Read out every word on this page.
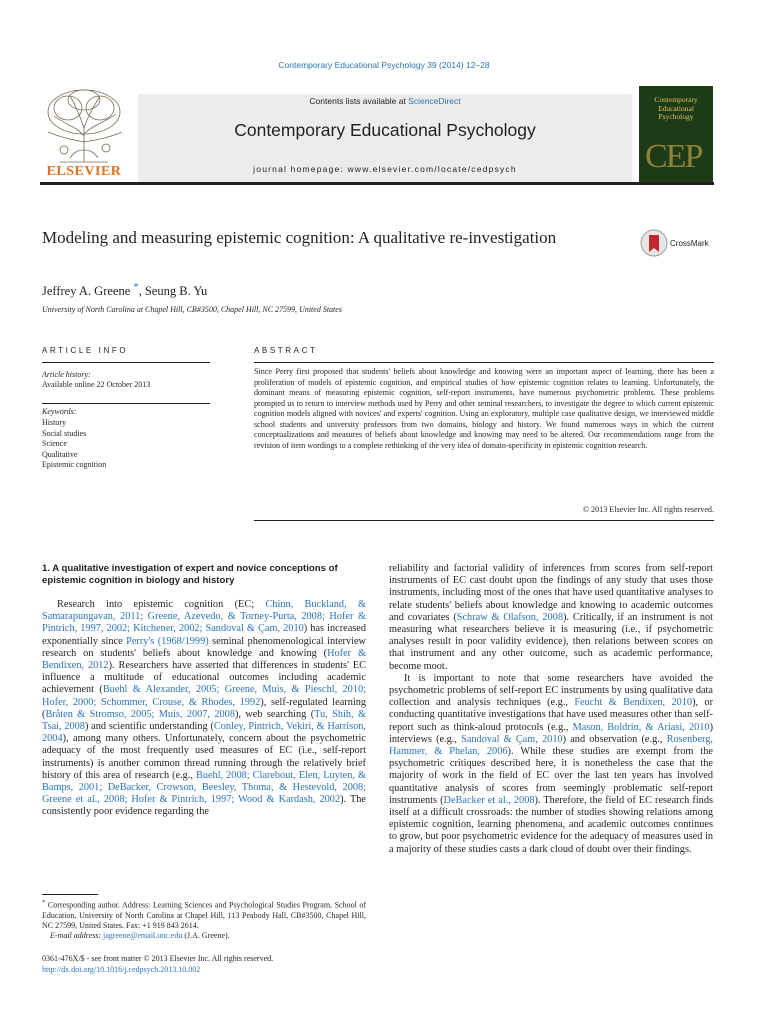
Contemporary Educational Psychology 39 (2014) 12–28
ELSEVIER
Contents lists available at ScienceDirect
Contemporary Educational Psychology
journal homepage: www.elsevier.com/locate/cedpsych
Contemporary Educational Psychology
CEP
Modeling and measuring epistemic cognition: A qualitative re-investigation	CrossMark
Jeffrey A. Greene *, Seung B. Yu
University of North Carolina at Chapel Hill, CB#3500, Chapel Hill, NC 27599, United States
ARTICLE INFO	ABSTRACT
Article history:
Available online 22 October 2013
Keywords:
History
Social studies
Science
Qualitative
Epistemic cognition
Since Perry first proposed that students' beliefs about knowledge and knowing were an important aspect of learning, there has been a proliferation of models of epistemic cognition, and empirical studies of how epistemic cognition relates to learning. Unfortunately, the dominant means of measuring epistemic cognition, self-report instruments, have numerous psychometric problems. These problems prompted us to return to interview methods used by Perry and other seminal researchers, to investigate the degree to which current epistemic cognition models aligned with novices' and experts' cognition. Using an exploratory, multiple case qualitative design, we interviewed middle school students and university professors from two domains, biology and history. We found numerous ways in which the current conceptualizations and measures of beliefs about knowledge and knowing may need to be altered. Our recommendations range from the revision of item wordings to a complete rethinking of the very idea of domain-specificity in epistemic cognition research.
© 2013 Elsevier Inc. All rights reserved.
1. A qualitative investigation of expert and novice conceptions of epistemic cognition in biology and history

Research into epistemic cognition (EC; Chinn, Buckland, & Samarapungavan, 2011; Greene, Azevedo, & Torney-Purta, 2008; Hofer & Pintrich, 1997, 2002; Kitchener, 2002; Sandoval & Çam, 2010) has increased exponentially since Perry's (1968/1999) seminal phenomenological interview research on students' beliefs about knowledge and knowing (Hofer & Bendixen, 2012). Researchers have asserted that differences in students' EC influence a multitude of educational outcomes including academic achievement (Buehl & Alexander, 2005; Greene, Muis, & Pieschl, 2010; Hofer, 2000; Schommer, Crouse, & Rhodes, 1992), self-regulated learning (Bråten & Stromso, 2005; Muis, 2007, 2008), web searching (Tu, Shih, & Tsai, 2008) and scientific understanding (Conley, Pintrich, Vekiri, & Harrison, 2004), among many others. Unfortunately, concern about the psychometric adequacy of the most frequently used measures of EC (i.e., self-report instruments) is another common thread running through the relatively brief history of this area of research (e.g., Buehl, 2008; Clarebout, Elen, Luyten, & Bamps, 2001; DeBacker, Crowson, Beesley, Thoma, & Hestevold, 2008; Greene et al., 2008; Hofer & Pintrich, 1997; Wood & Kardash, 2002). The consistently poor evidence regarding the

reliability and factorial validity of inferences from scores from self-report instruments of EC cast doubt upon the findings of any study that uses those instruments, including most of the ones that have used quantitative analyses to relate students' beliefs about knowledge and knowing to academic outcomes and covariates (Schraw & Olafson, 2008). Critically, if an instrument is not measuring what researchers believe it is measuring (i.e., if psychometric analyses result in poor validity evidence), then relations between scores on that instrument and any other outcome, such as academic performance, become moot.

It is important to note that some researchers have avoided the psychometric problems of self-report EC instruments by using qualitative data collection and analysis techniques (e.g., Feucht & Bendixen, 2010), or conducting quantitative investigations that have used measures other than self-report such as think-aloud protocols (e.g., Mason, Boldrin, & Ariasi, 2010) interviews (e.g., Sandoval & Çam, 2010) and observation (e.g., Rosenberg, Hammer, & Phelan, 2006). While these studies are exempt from the psychometric critiques described here, it is nonetheless the case that the majority of work in the field of EC over the last ten years has involved quantitative analysis of scores from seemingly problematic self-report instruments (DeBacker et al., 2008). Therefore, the field of EC research finds itself at a difficult crossroads: the number of studies showing relations among epistemic cognition, learning phenomena, and academic outcomes continues to grow, but poor psychometric evidence for the adequacy of measures used in a majority of these studies casts a dark cloud of doubt over their findings.

* Corresponding author. Address: Learning Sciences and Psychological Studies Program, School of Education, University of North Carolina at Chapel Hill, 113 Peabody Hall, CB#3500, Chapel Hill, NC 27599, United States. Fax: +1 919 843 2614.
E-mail address: jagreene@email.unc.edu (J.A. Greene).
0361-476X/$ - see front matter © 2013 Elsevier Inc. All rights reserved.
http://dx.doi.org/10.1016/j.cedpsych.2013.10.002
